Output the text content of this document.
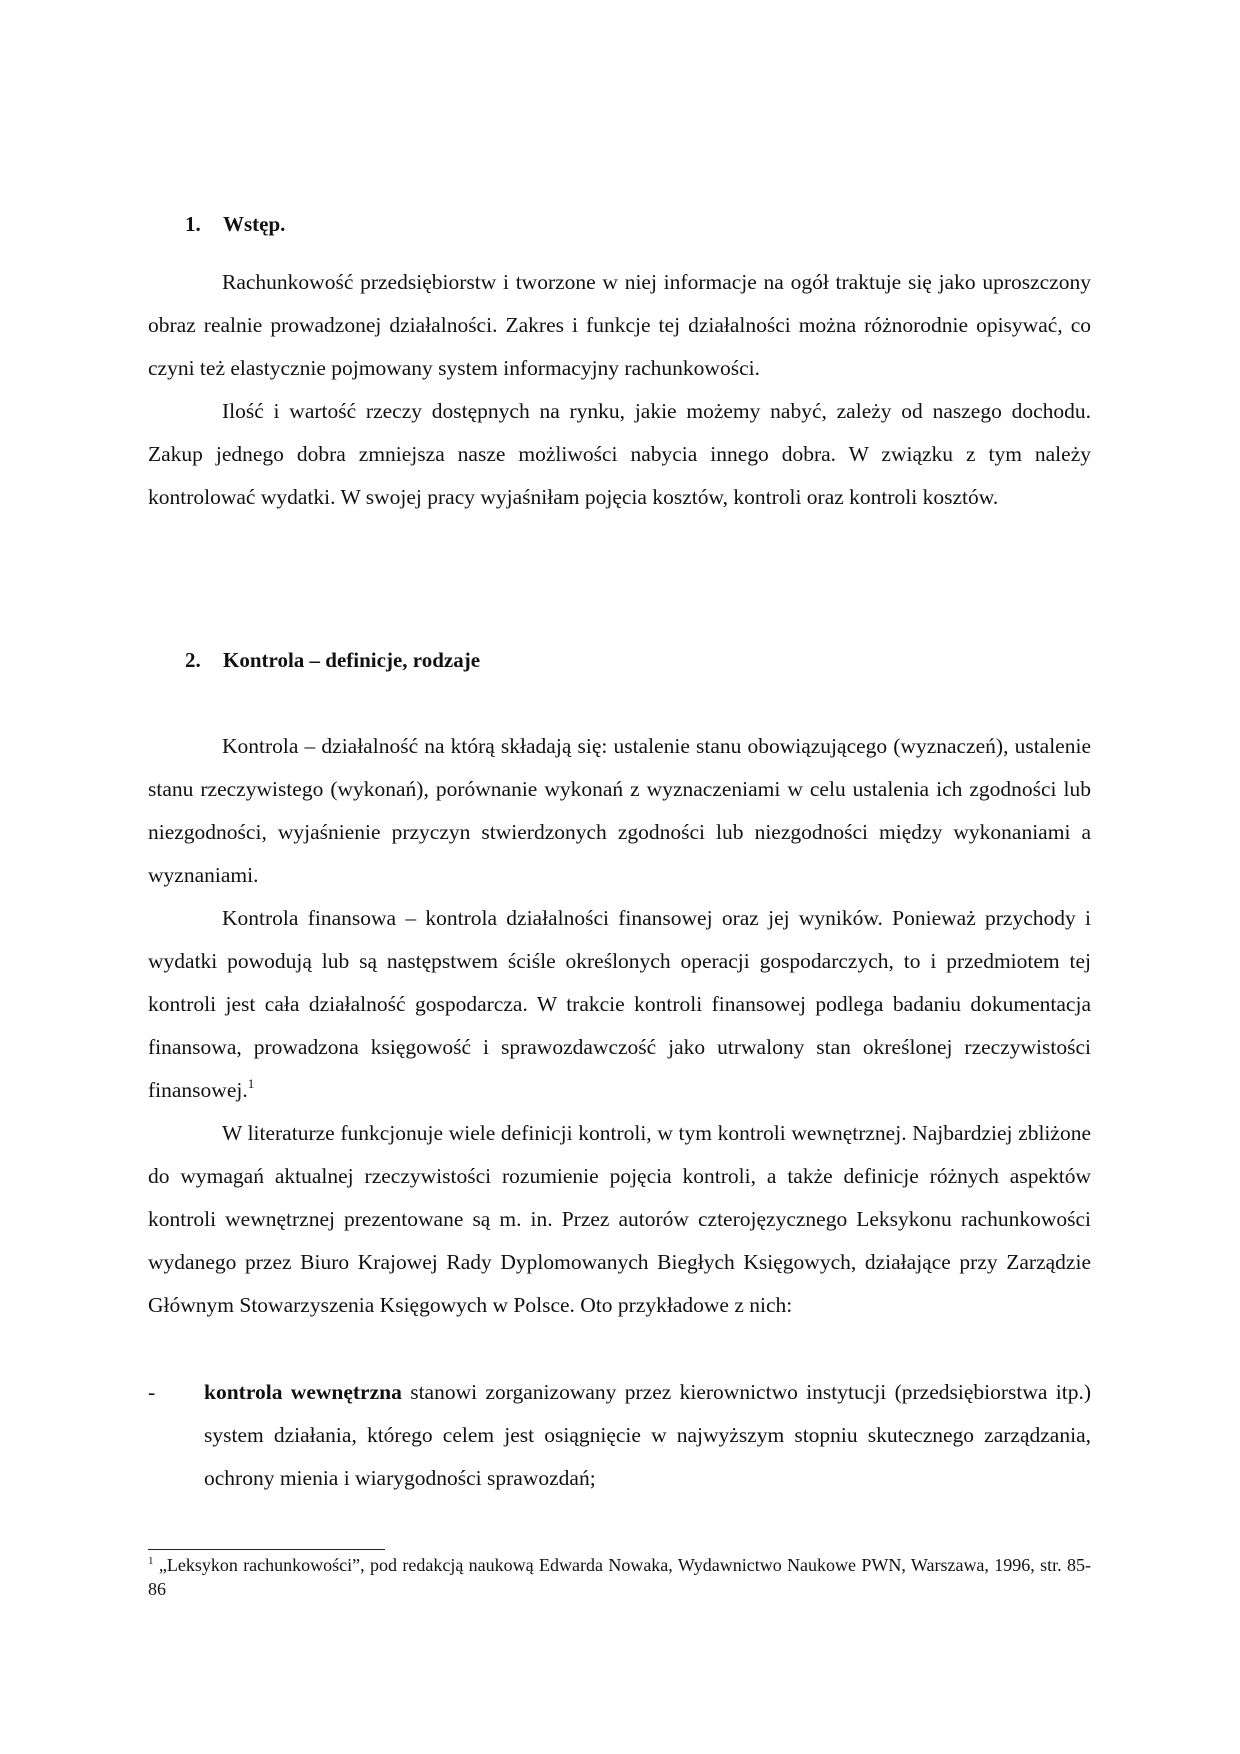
1. Wstęp.

Rachunkowość przedsiębiorstw i tworzone w niej informacje na ogół traktuje się jako uproszczony obraz realnie prowadzonej działalności. Zakres i funkcje tej działalności można różnorodnie opisywać, co czyni też elastycznie pojmowany system informacyjny rachunkowości.

Ilość i wartość rzeczy dostępnych na rynku, jakie możemy nabyć, zależy od naszego dochodu. Zakup jednego dobra zmniejsza nasze możliwości nabycia innego dobra. W związku z tym należy kontrolować wydatki. W swojej pracy wyjaśniłam pojęcia kosztów, kontroli oraz kontroli kosztów.

2. Kontrola – definicje, rodzaje

Kontrola – działalność na którą składają się: ustalenie stanu obowiązującego (wyznaczeń), ustalenie stanu rzeczywistego (wykonań), porównanie wykonań z wyznaczeniami w celu ustalenia ich zgodności lub niezgodności, wyjaśnienie przyczyn stwierdzonych zgodności lub niezgodności między wykonaniami a wyznaniami.

Kontrola finansowa – kontrola działalności finansowej oraz jej wyników. Ponieważ przychody i wydatki powodują lub są następstwem ściśle określonych operacji gospodarczych, to i przedmiotem tej kontroli jest cała działalność gospodarcza. W trakcie kontroli finansowej podlega badaniu dokumentacja finansowa, prowadzona księgowość i sprawozdawczość jako utrwalony stan określonej rzeczywistości finansowej.$^1$

W literaturze funkcjonuje wiele definicji kontroli, w tym kontroli wewnętrznej. Najbardziej zbliżone do wymagań aktualnej rzeczywistości rozumienie pojęcia kontroli, a także definicje różnych aspektów kontroli wewnętrznej prezentowane są m. in. Przez autorów czterojęzycznego Leksykonu rachunkowości wydanego przez Biuro Krajowej Rady Dyplomowanych Biegłych Księgowych, działające przy Zarządzie Głównym Stowarzyszenia Księgowych w Polsce. Oto przykładowe z nich:

- kontrola wewnętrzna stanowi zorganizowany przez kierownictwo instytucji (przedsiębiorstwa itp.) system działania, którego celem jest osiągnięcie w najwyższym stopniu skutecznego zarządzania, ochrony mienia i wiarygodności sprawozdań;
$^1$ „Leksykon rachunkowości”, pod redakcją naukową Edwarda Nowaka, Wydawnictwo Naukowe PWN, Warszawa, 1996, str. 85-86
